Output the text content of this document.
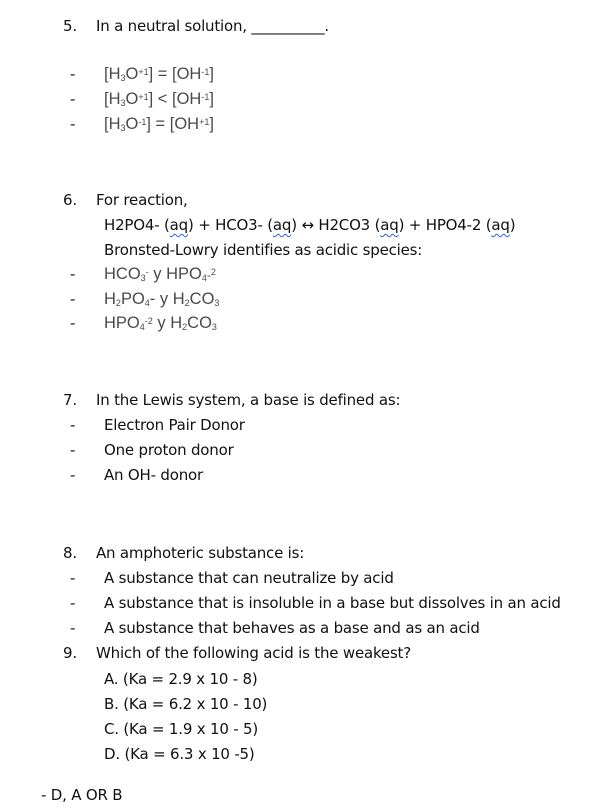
5. In a neutral solution, __________.
- $[H_3O^{+1}] = [OH^{-1}]$
- $[H_3O^{+1}] < [OH^{-1}]$
- $[H_3O^{-1}] = [OH^{+1}]$
6. For reaction,
H2PO4- (aq) + HCO3- (aq) ↔ H2CO3 (aq) + HPO4-2 (aq)
Bronsted-Lowry identifies as acidic species:
- $HCO_3^-$ y $HPO_4-^2$
- $H_2PO_4-$ y $H_2CO_3$
- $HPO_4^{-2}$ y $H_2CO_3$
7. In the Lewis system, a base is defined as:
- Electron Pair Donor
- One proton donor
- An OH- donor
8. An amphoteric substance is:
- A substance that can neutralize by acid
- A substance that is insoluble in a base but dissolves in an acid
- A substance that behaves as a base and as an acid
9. Which of the following acid is the weakest?
A. (Ka = 2.9 x 10 - 8)
B. (Ka = 6.2 x 10 - 10)
C. (Ka = 1.9 x 10 - 5)
D. (Ka = 6.3 x 10 -5)
- D, A OR B
